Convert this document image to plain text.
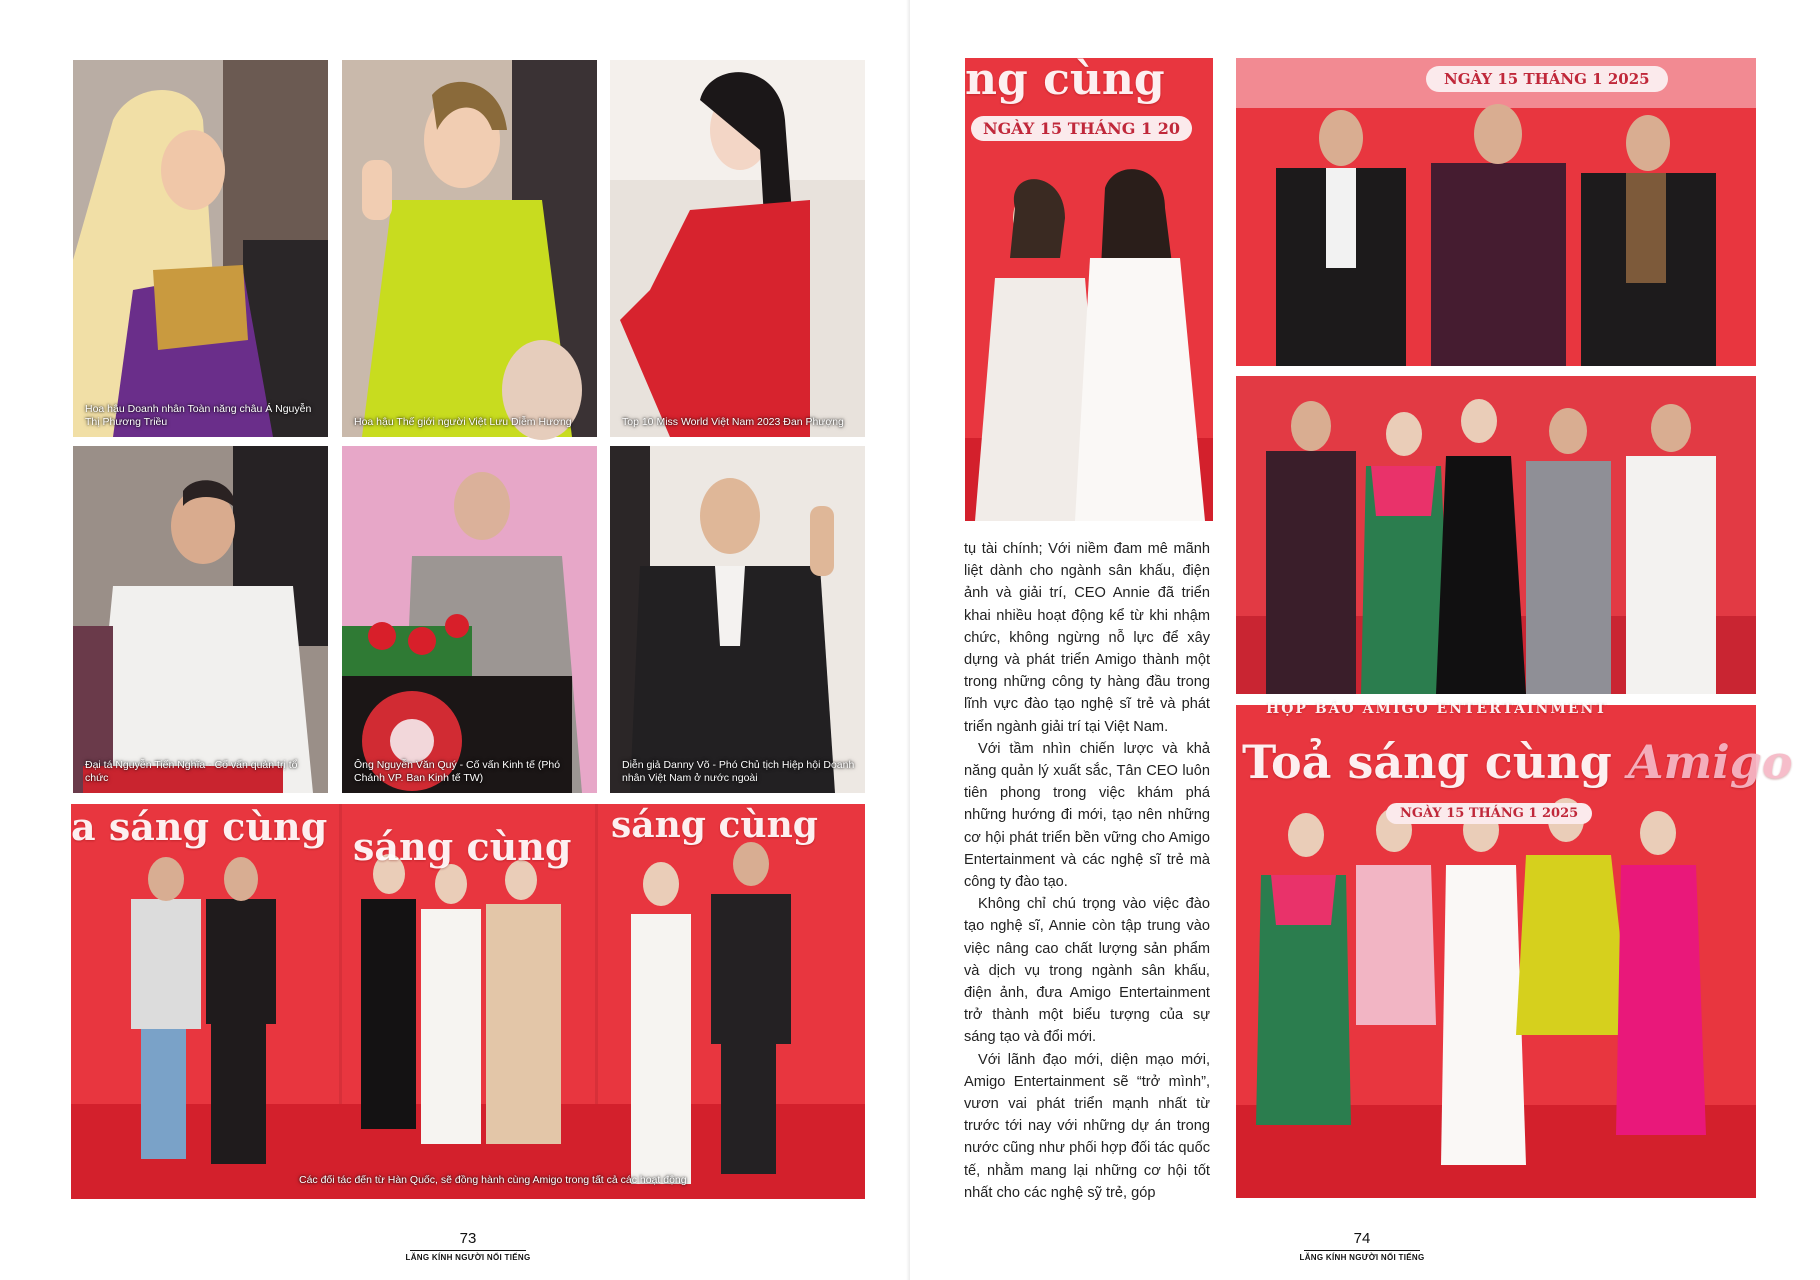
Hoa hậu Doanh nhân Toàn năng châu Á Nguyễn Thị Phương Triều	Hoa hậu Thế giới người Việt Lưu Diễm Hương	Top 10 Miss World Việt Nam 2023 Đan Phượng
Đại tá Nguyễn Tiến Nghĩa - Cố vấn quản trị tổ chức
Ông Nguyễn Văn Quý - Cố vấn Kinh tế (Phó Chánh VP. Ban Kinh tế TW)
Diễn giả Danny Võ - Phó Chủ tịch Hiệp hội Doanh nhân Việt Nam ở nước ngoài
a sáng cùng sáng cùng sáng cùng
Các đối tác đến từ Hàn Quốc, sẽ đồng hành cùng Amigo trong tất cả các hoạt động
73
LĂNG KÍNH NGƯỜI NỔI TIẾNG
ng cùng
NGÀY 15 THÁNG 1 20
NGÀY 15 THÁNG 1 2025
HỌP BÁO AMIGO ENTERTAINMENT
Toả sáng cùng Amigo
NGÀY 15 THÁNG 1 2025
74
LĂNG KÍNH NGƯỜI NỔI TIẾNG

tụ tài chính; Với niềm đam mê mãnh liệt dành cho ngành sân khấu, điện ảnh và giải trí, CEO Annie đã triển khai nhiều hoạt động kể từ khi nhậm chức, không ngừng nỗ lực để xây dựng và phát triển Amigo thành một trong những công ty hàng đầu trong lĩnh vực đào tạo nghệ sĩ trẻ và phát triển ngành giải trí tại Việt Nam.

Với tầm nhìn chiến lược và khả năng quản lý xuất sắc, Tân CEO luôn tiên phong trong việc khám phá những hướng đi mới, tạo nên những cơ hội phát triển bền vững cho Amigo Entertainment và các nghệ sĩ trẻ mà công ty đào tạo.

Không chỉ chú trọng vào việc đào tạo nghệ sĩ, Annie còn tập trung vào việc nâng cao chất lượng sản phẩm và dịch vụ trong ngành sân khấu, điện ảnh, đưa Amigo Entertainment trở thành một biểu tượng của sự sáng tạo và đổi mới.

Với lãnh đạo mới, diện mạo mới, Amigo Entertainment sẽ “trở mình”, vươn vai phát triển mạnh nhất từ trước tới nay với những dự án trong nước cũng như phối hợp đối tác quốc tế, nhằm mang lại những cơ hội tốt nhất cho các nghệ sỹ trẻ, góp
